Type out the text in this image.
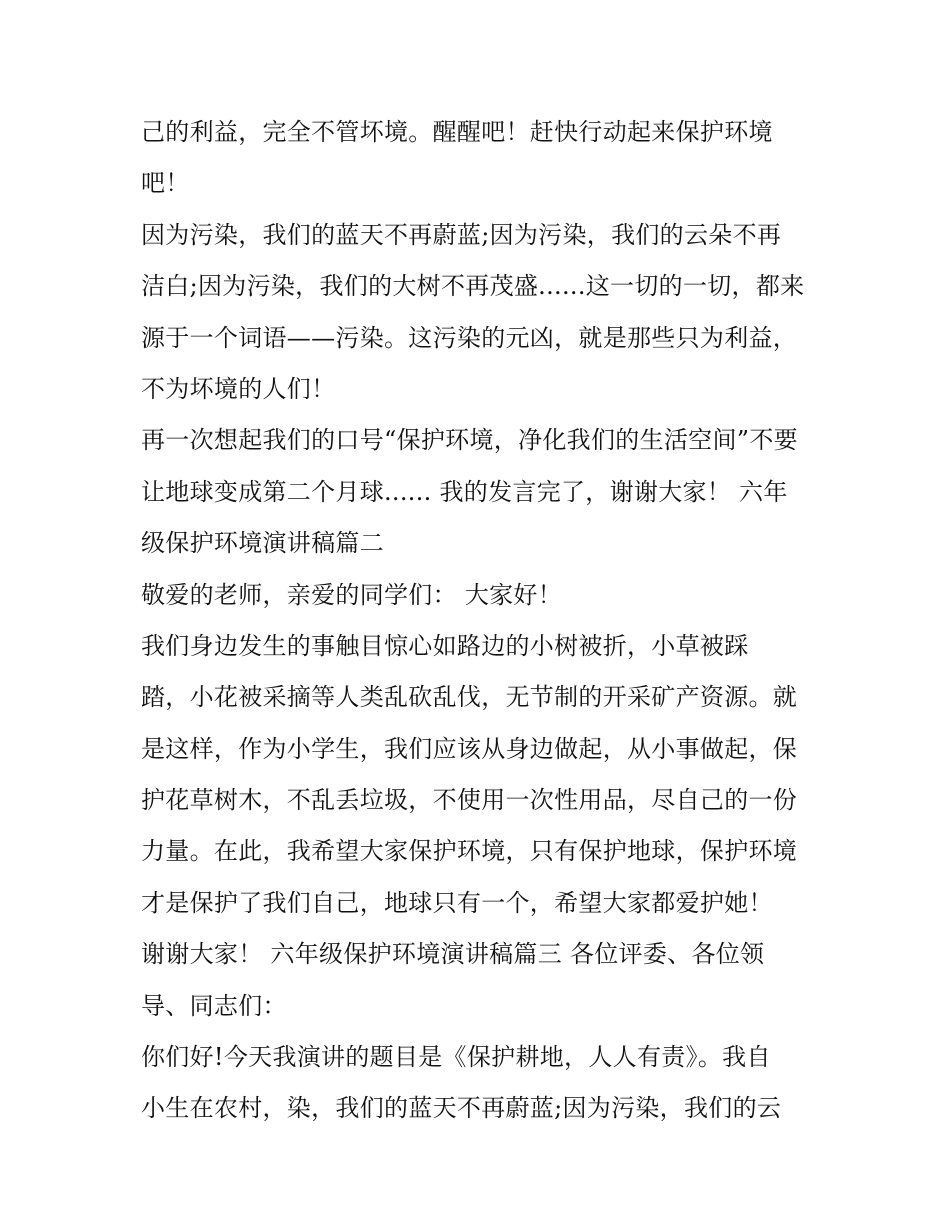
己的利益，完全不管坏境。醒醒吧！赶快行动起来保护环境
吧！
因为污染，我们的蓝天不再蔚蓝;因为污染，我们的云朵不再
洁白;因为污染，我们的大树不再茂盛......这一切的一切，都来
源于一个词语——污染。这污染的元凶，就是那些只为利益，
不为坏境的人们！
再一次想起我们的口号“保护环境，净化我们的生活空间”不要
让地球变成第二个月球...... 我的发言完了，谢谢大家！ 六年
级保护环境演讲稿篇二
敬爱的老师，亲爱的同学们： 大家好！
我们身边发生的事触目惊心如路边的小树被折，小草被踩
踏，小花被采摘等人类乱砍乱伐，无节制的开采矿产资源。就
是这样，作为小学生，我们应该从身边做起，从小事做起，保
护花草树木，不乱丢垃圾，不使用一次性用品，尽自己的一份
力量。在此，我希望大家保护环境，只有保护地球，保护环境
才是保护了我们自己，地球只有一个，希望大家都爱护她！
谢谢大家！ 六年级保护环境演讲稿篇三 各位评委、各位领
导、同志们：
你们好!今天我演讲的题目是《保护耕地，人人有责》。我自
小生在农村，染，我们的蓝天不再蔚蓝;因为污染，我们的云
